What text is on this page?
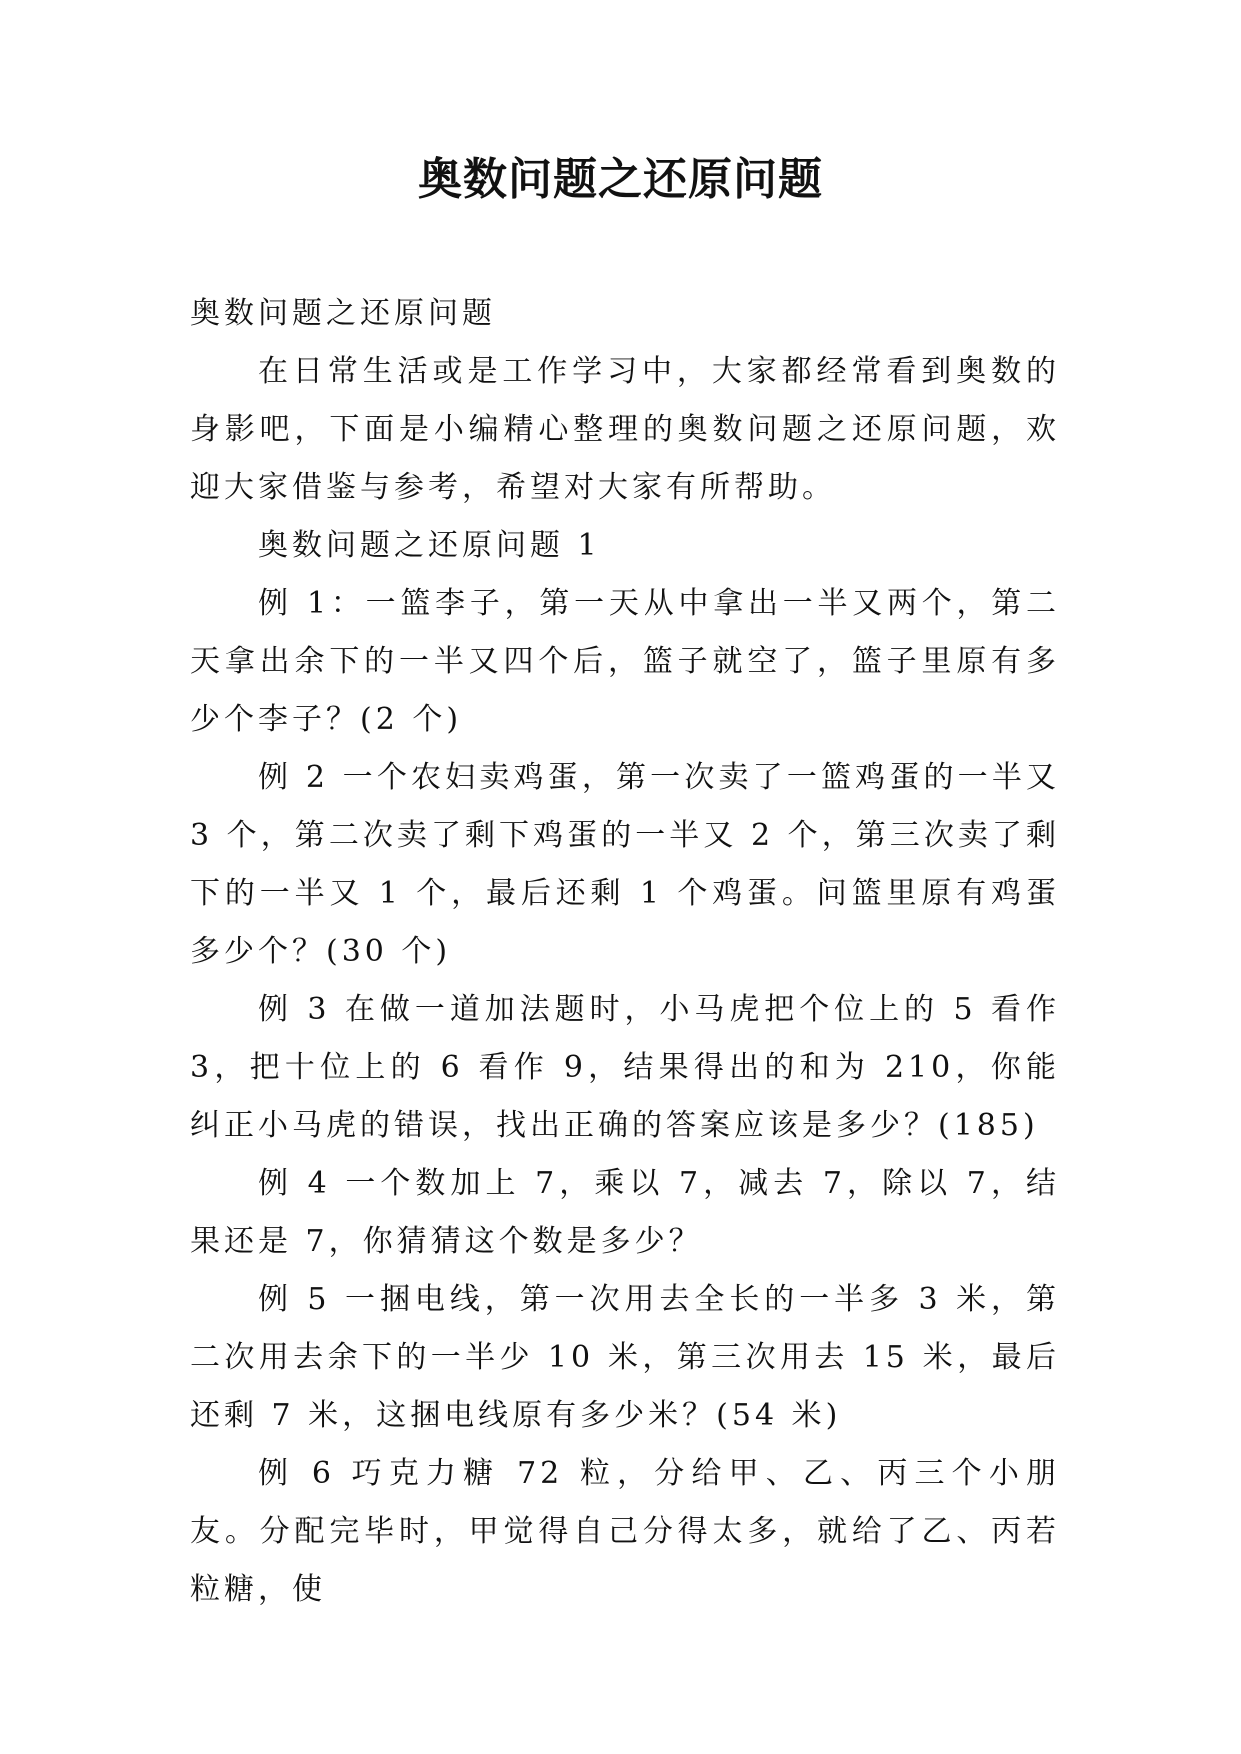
奥数问题之还原问题

奥数问题之还原问题

在日常生活或是工作学习中，大家都经常看到奥数的身影吧，下面是小编精心整理的奥数问题之还原问题，欢迎大家借鉴与参考，希望对大家有所帮助。

奥数问题之还原问题 1

例 1：一篮李子，第一天从中拿出一半又两个，第二天拿出余下的一半又四个后，篮子就空了，篮子里原有多少个李子？(2 个)

例 2 一个农妇卖鸡蛋，第一次卖了一篮鸡蛋的一半又 3 个，第二次卖了剩下鸡蛋的一半又 2 个，第三次卖了剩下的一半又 1 个，最后还剩 1 个鸡蛋。问篮里原有鸡蛋多少个？(30 个)

例 3 在做一道加法题时，小马虎把个位上的 5 看作 3，把十位上的 6 看作 9，结果得出的和为 210，你能纠正小马虎的错误，找出正确的答案应该是多少？(185)

例 4 一个数加上 7，乘以 7，减去 7，除以 7，结果还是 7，你猜猜这个数是多少？

例 5 一捆电线，第一次用去全长的一半多 3 米，第二次用去余下的一半少 10 米，第三次用去 15 米，最后还剩 7 米，这捆电线原有多少米？(54 米)

例 6 巧克力糖 72 粒，分给甲、乙、丙三个小朋友。分配完毕时，甲觉得自己分得太多，就给了乙、丙若粒糖，使
